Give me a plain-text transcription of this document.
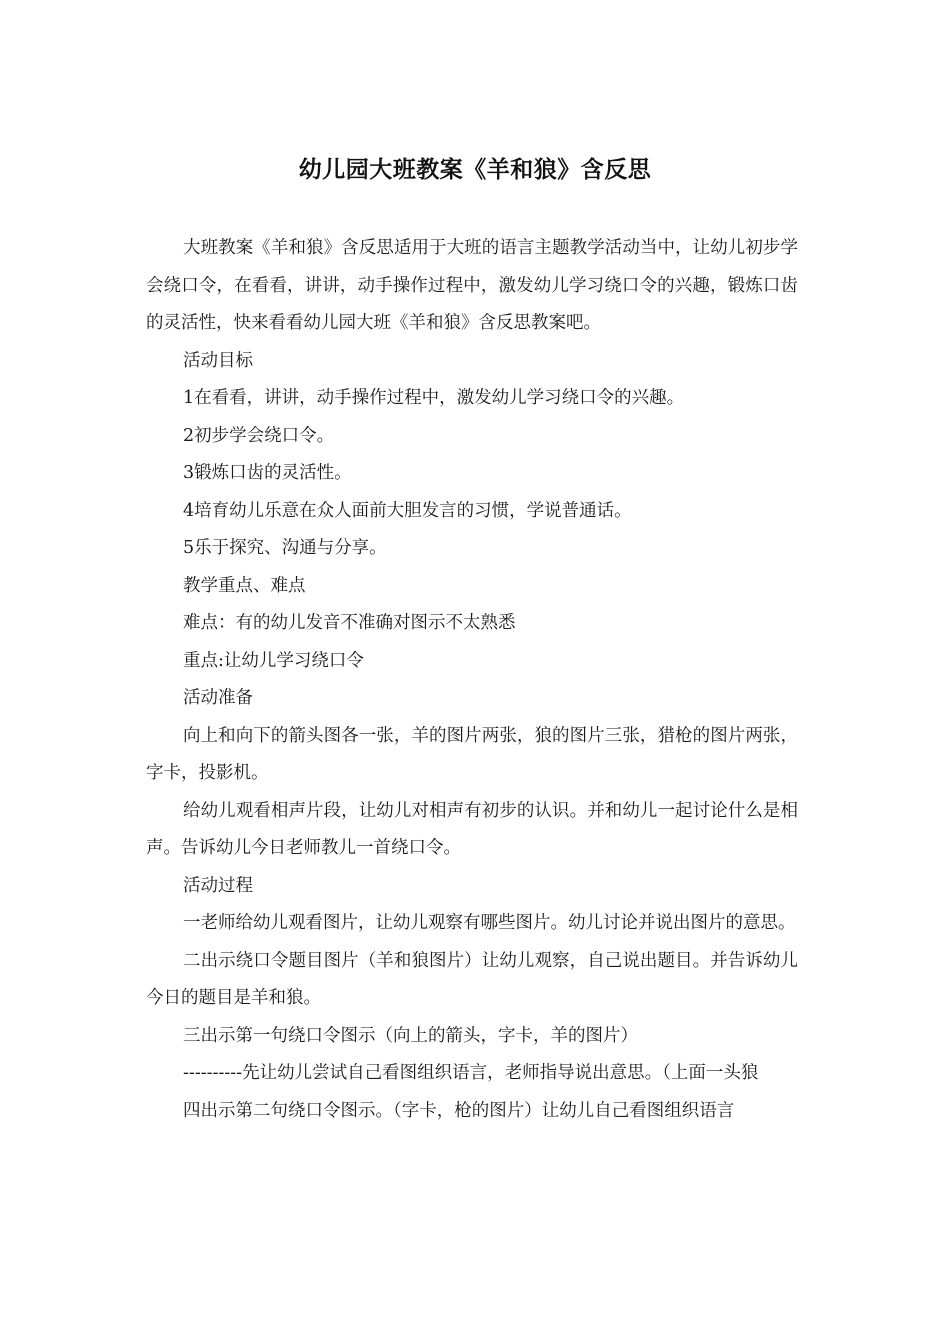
幼儿园大班教案《羊和狼》含反思

大班教案《羊和狼》含反思适用于大班的语言主题教学活动当中，让幼儿初步学会绕口令，在看看，讲讲，动手操作过程中，激发幼儿学习绕口令的兴趣，锻炼口齿的灵活性，快来看看幼儿园大班《羊和狼》含反思教案吧。

活动目标

1在看看，讲讲，动手操作过程中，激发幼儿学习绕口令的兴趣。

2初步学会绕口令。

3锻炼口齿的灵活性。

4培育幼儿乐意在众人面前大胆发言的习惯，学说普通话。

5乐于探究、沟通与分享。

教学重点、难点

难点：有的幼儿发音不准确对图示不太熟悉

重点:让幼儿学习绕口令

活动准备

向上和向下的箭头图各一张，羊的图片两张，狼的图片三张，猎枪的图片两张，字卡，投影机。

给幼儿观看相声片段，让幼儿对相声有初步的认识。并和幼儿一起讨论什么是相声。告诉幼儿今日老师教儿一首绕口令。

活动过程

一老师给幼儿观看图片，让幼儿观察有哪些图片。幼儿讨论并说出图片的意思。

二出示绕口令题目图片（羊和狼图片）让幼儿观察，自己说出题目。并告诉幼儿今日的题目是羊和狼。

三出示第一句绕口令图示（向上的箭头，字卡，羊的图片）

----------先让幼儿尝试自己看图组织语言，老师指导说出意思。（上面一头狼

四出示第二句绕口令图示。（字卡，枪的图片）让幼儿自己看图组织语言
